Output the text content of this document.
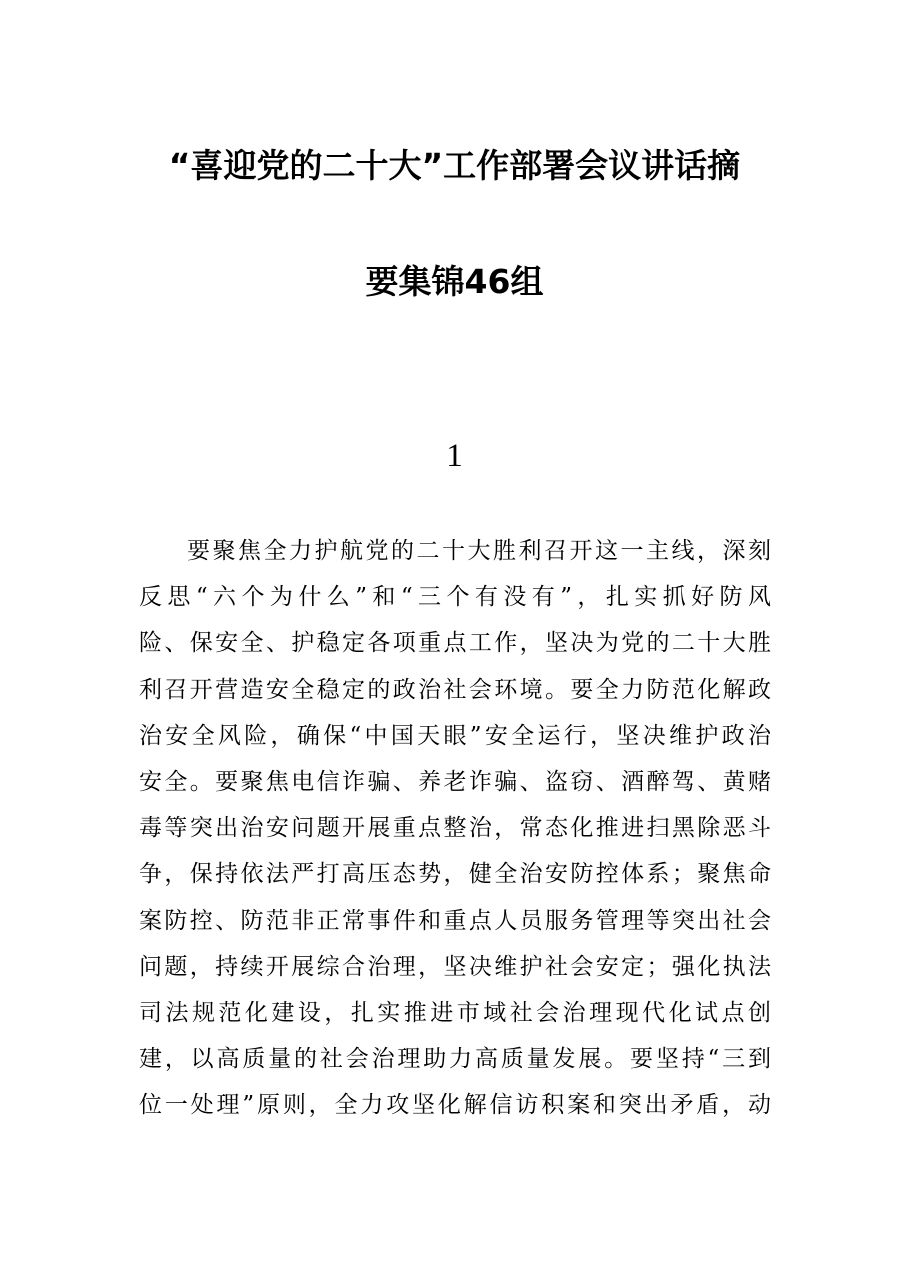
“喜迎党的二十大”工作部署会议讲话摘
要集锦46组
1
要聚焦全力护航党的二十大胜利召开这一主线，深刻
反思“六个为什么”和“三个有没有”，扎实抓好防风
险、保安全、护稳定各项重点工作，坚决为党的二十大胜
利召开营造安全稳定的政治社会环境。要全力防范化解政
治安全风险，确保“中国天眼”安全运行，坚决维护政治
安全。要聚焦电信诈骗、养老诈骗、盗窃、酒醉驾、黄赌
毒等突出治安问题开展重点整治，常态化推进扫黑除恶斗
争，保持依法严打高压态势，健全治安防控体系；聚焦命
案防控、防范非正常事件和重点人员服务管理等突出社会
问题，持续开展综合治理，坚决维护社会安定；强化执法
司法规范化建设，扎实推进市域社会治理现代化试点创
建，以高质量的社会治理助力高质量发展。要坚持“三到
位一处理”原则，全力攻坚化解信访积案和突出矛盾，动
